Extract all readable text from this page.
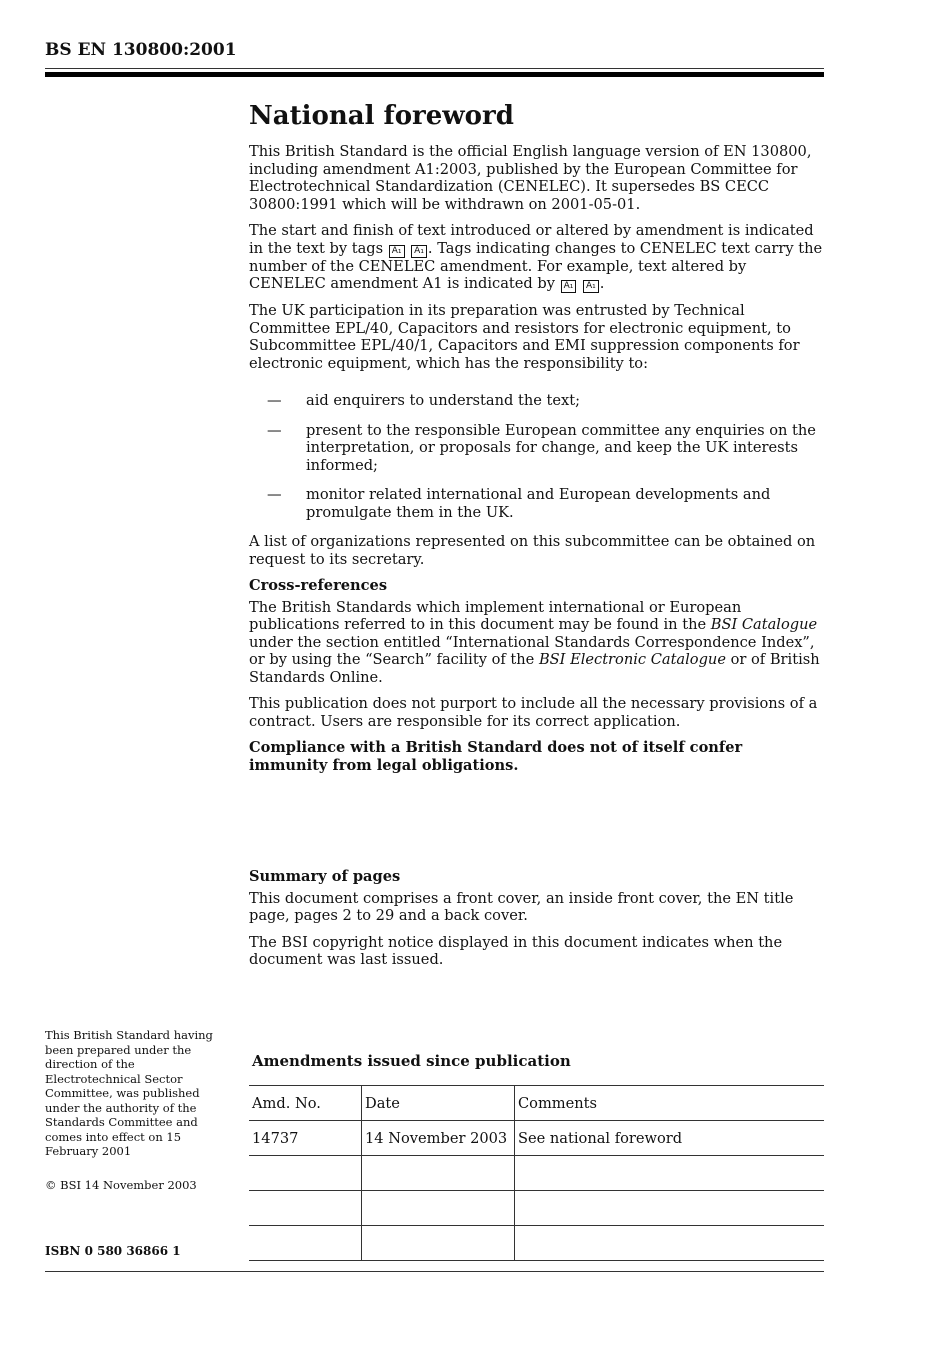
BS EN 130800:2001
National foreword

This British Standard is the official English language version of EN 130800, including amendment A1:2003, published by the European Committee for Electrotechnical Standardization (CENELEC). It supersedes BS CECC 30800:1991 which will be withdrawn on 2001-05-01.

The start and finish of text introduced or altered by amendment is indicated in the text by tags A₁ A₁ . Tags indicating changes to CENELEC text carry the number of the CENELEC amendment. For example, text altered by CENELEC amendment A1 is indicated by A₁ A₁ .

The UK participation in its preparation was entrusted by Technical Committee EPL/40, Capacitors and resistors for electronic equipment, to Subcommittee EPL/40/1, Capacitors and EMI suppression components for electronic equipment, which has the responsibility to:

— aid enquirers to understand the text;
— present to the responsible European committee any enquiries on the interpretation, or proposals for change, and keep the UK interests informed;
— monitor related international and European developments and promulgate them in the UK.

A list of organizations represented on this subcommittee can be obtained on request to its secretary.

Cross-references

The British Standards which implement international or European publications referred to in this document may be found in the BSI Catalogue under the section entitled “International Standards Correspondence Index”, or by using the “Search” facility of the BSI Electronic Catalogue or of British Standards Online.

This publication does not purport to include all the necessary provisions of a contract. Users are responsible for its correct application.

Compliance with a British Standard does not of itself confer immunity from legal obligations.

Summary of pages

This document comprises a front cover, an inside front cover, the EN title page, pages 2 to 29 and a back cover.

The BSI copyright notice displayed in this document indicates when the document was last issued.

This British Standard having been prepared under the direction of the Electrotechnical Sector Committee, was published under the authority of the Standards Committee and comes into effect on 15 February 2001
© BSI 14 November 2003
ISBN 0 580 36866 1
Amendments issued since publication
Amd. No.	Date	Comments
14737	14 November 2003	See national foreword
